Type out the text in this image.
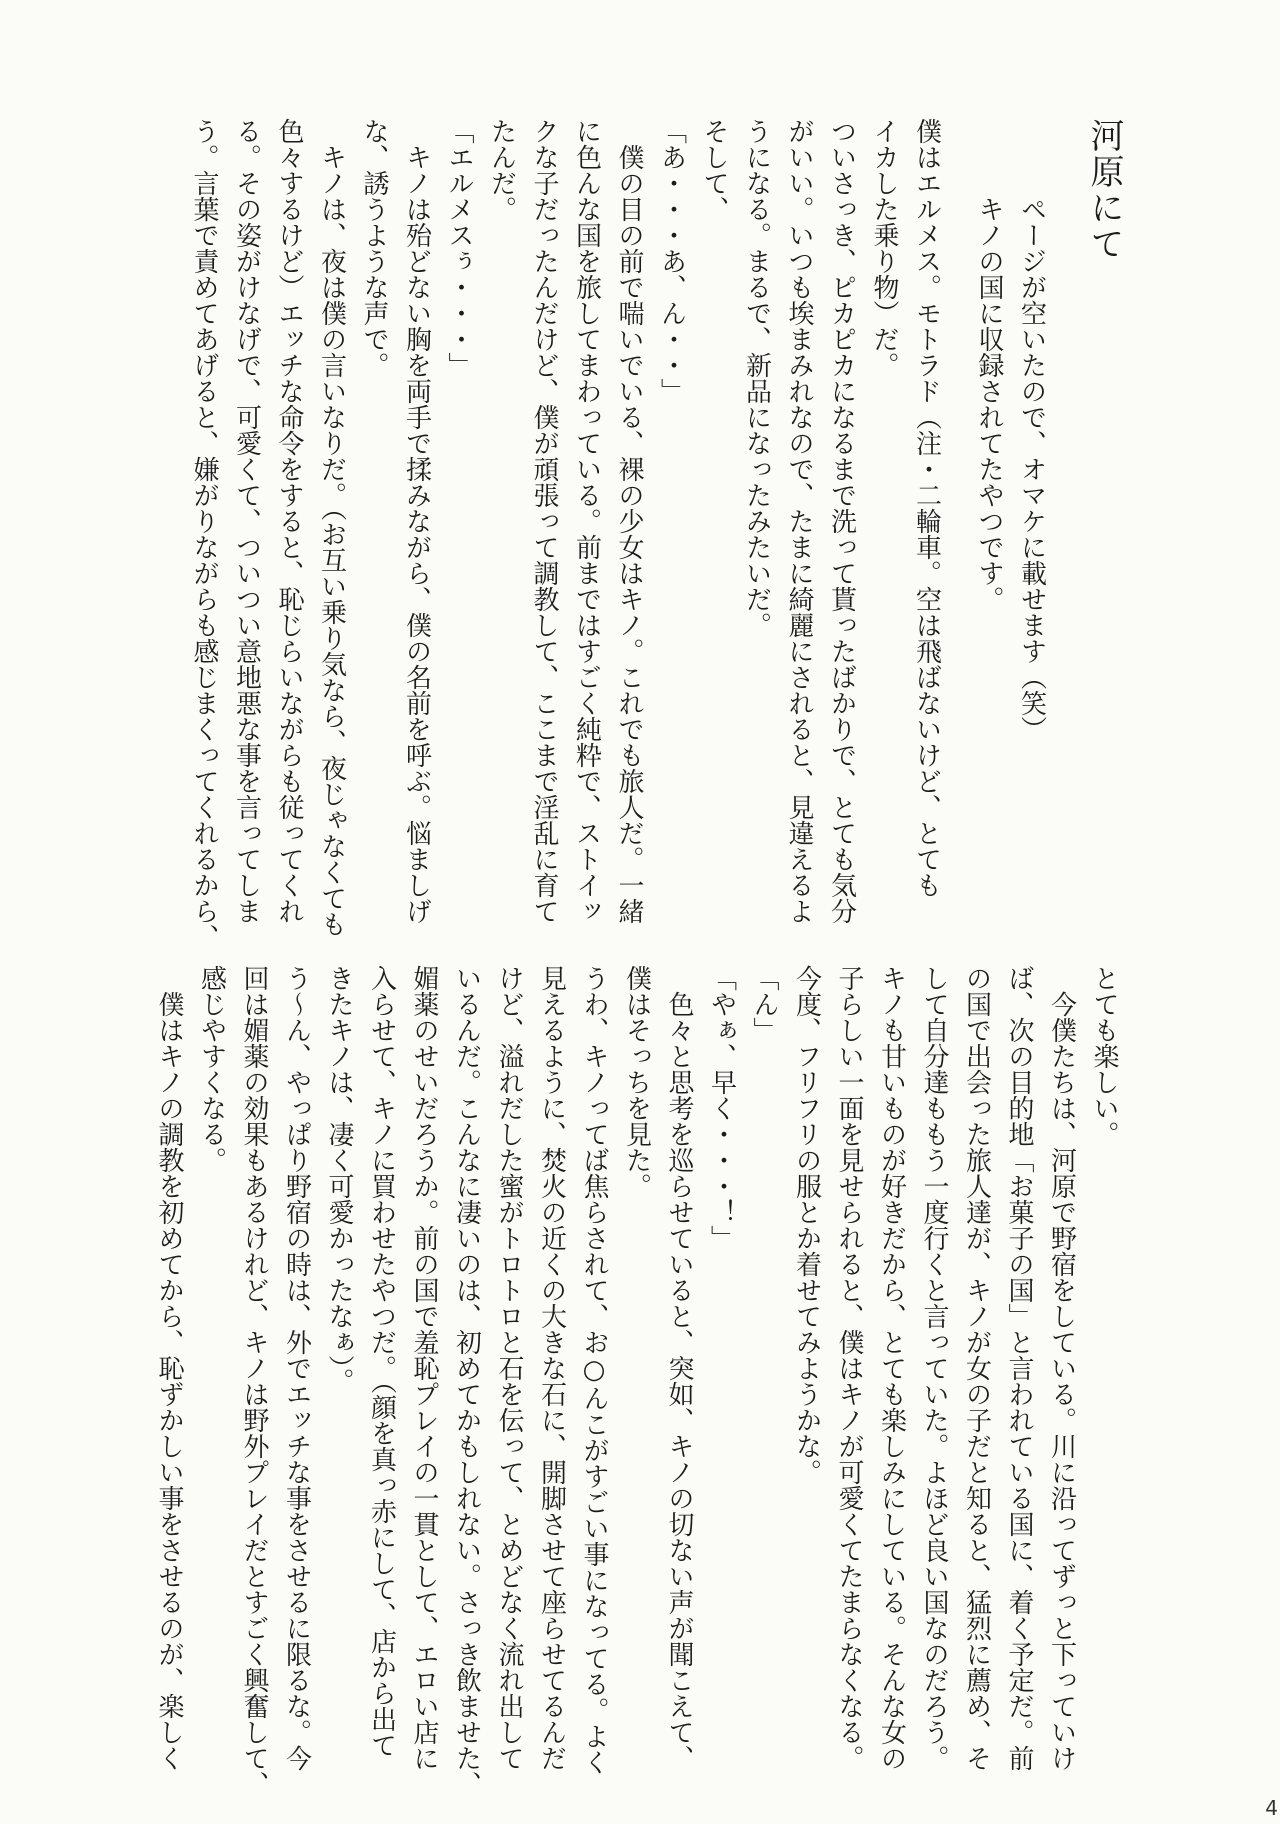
河原にて
ページが空いたので、オマケに載せます（笑）
キノの国に収録されてたやつです。
僕はエルメス。モトラド（注・二輪車。空は飛ばないけど、とても
イカした乗り物）だ。
ついさっき、ピカピカになるまで洗って貰ったばかりで、とても気分
がいい。いつも埃まみれなので、たまに綺麗にされると、見違えるよ
うになる。まるで、新品になったみたいだ。
そして、
「あ・・・あ、ん・・」
僕の目の前で喘いでいる、裸の少女はキノ。これでも旅人だ。一緒
に色んな国を旅してまわっている。前まではすごく純粋で、ストイッ
クな子だったんだけど、僕が頑張って調教して、ここまで淫乱に育て
たんだ。
「エルメスぅ・・・」
キノは殆どない胸を両手で揉みながら、僕の名前を呼ぶ。悩ましげ
な、誘うような声で。
キノは、夜は僕の言いなりだ。（お互い乗り気なら、夜じゃなくても
色々するけど）エッチな命令をすると、恥じらいながらも従ってくれ
る。その姿がけなげで、可愛くて、ついつい意地悪な事を言ってしま
う。言葉で責めてあげると、嫌がりながらも感じまくってくれるから、
とても楽しい。
今僕たちは、河原で野宿をしている。川に沿ってずっと下っていけ
ば、次の目的地「お菓子の国」と言われている国に、着く予定だ。前
の国で出会った旅人達が、キノが女の子だと知ると、猛烈に薦め、そ
して自分達ももう一度行くと言っていた。よほど良い国なのだろう。
キノも甘いものが好きだから、とても楽しみにしている。そんな女の
子らしい一面を見せられると、僕はキノが可愛くてたまらなくなる。
今度、フリフリの服とか着せてみようかな。
「ん」
「やぁ、早く・・・！」
色々と思考を巡らせていると、突如、キノの切ない声が聞こえて、
僕はそっちを見た。
うわ、キノってば焦らされて、お○んこがすごい事になってる。よく
見えるように、焚火の近くの大きな石に、開脚させて座らせてるんだ
けど、溢れだした蜜がトロトロと石を伝って、とめどなく流れ出して
いるんだ。こんなに凄いのは、初めてかもしれない。さっき飲ませた、
媚薬のせいだろうか。前の国で羞恥プレイの一貫として、エロい店に
入らせて、キノに買わせたやつだ。（顔を真っ赤にして、店から出て
きたキノは、凄く可愛かったなぁ）。
う〜ん、やっぱり野宿の時は、外でエッチな事をさせるに限るな。今
回は媚薬の効果もあるけれど、キノは野外プレイだとすごく興奮して、
感じやすくなる。
僕はキノの調教を初めてから、恥ずかしい事をさせるのが、楽しく
4
